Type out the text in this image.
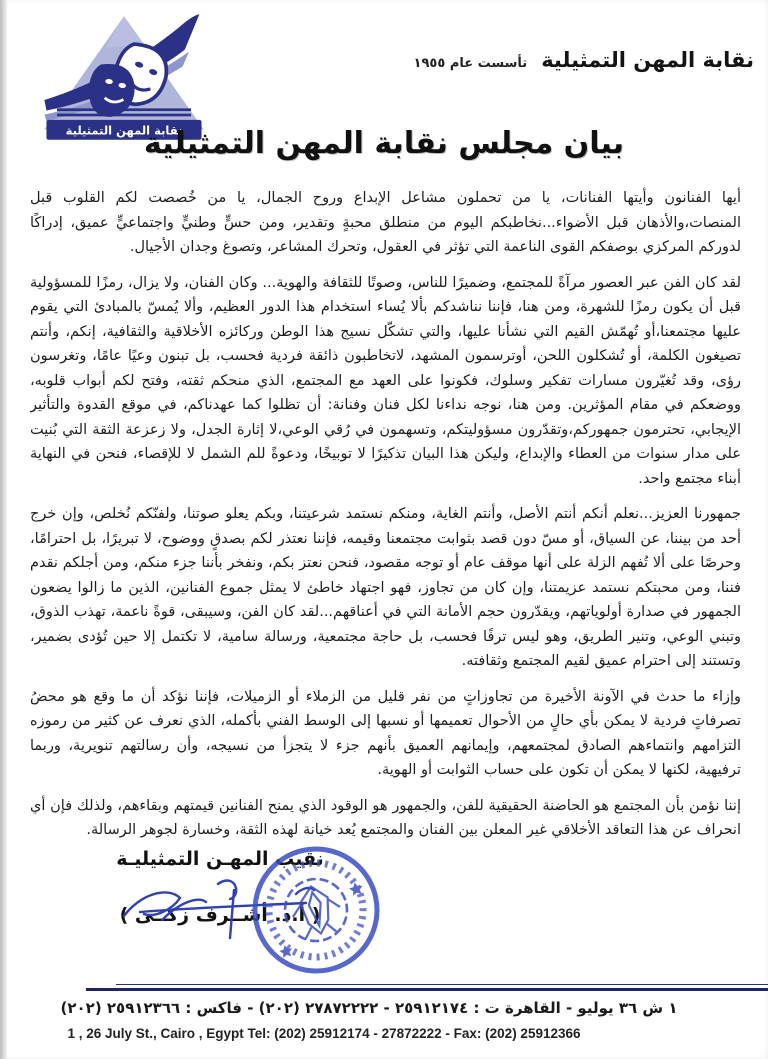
نقابة المهن التمثيلية
نقابة المهن التمثيلية
تأسست عام ١٩٥٥
بيان مجلس نقابة المهن التمثيلية

أيها الفنانون وأيتها الفنانات، يا من تحملون مشاعل الإبداع وروح الجمال، يا من خُصصت لكم القلوب قبل المنصات،والأذهان قبل الأضواء...نخاطبكم اليوم من منطلق محبةٍ وتقدير، ومن حسٍّ وطنيٍّ واجتماعيٍّ عميق، إدراكًا لدوركم المركزي بوصفكم القوى الناعمة التي تؤثر في العقول، وتحرك المشاعر، وتصوغ وجدان الأجيال.

لقد كان الفن عبر العصور مرآةً للمجتمع، وضميرًا للناس، وصوتًا للثقافة والهوية... وكان الفنان، ولا يزال، رمزًا للمسؤولية قبل أن يكون رمزًا للشهرة، ومن هنا، فإننا نناشدكم بألا يُساء استخدام هذا الدور العظيم، وألا يُمسّ بالمبادئ التي يقوم عليها مجتمعنا،أو تُهمّش القيم التي نشأنا عليها، والتي تشكّل نسيج هذا الوطن وركائزه الأخلاقية والثقافية، إنكم، وأنتم تصيغون الكلمة، أو تُشكلون اللحن، أوترسمون المشهد، لاتخاطبون ذائقة فردية فحسب، بل تبنون وعيًا عامًا، وتغرسون رؤى، وقد تُغيّرون مسارات تفكير وسلوك، فكونوا على العهد مع المجتمع، الذي منحكم ثقته، وفتح لكم أبواب قلوبه، ووضعكم في مقام المؤثرين. ومن هنا، نوجه نداءنا لكل فنان وفنانة: أن تظلوا كما عهدناكم، في موقع القدوة والتأثير الإيجابي، تحترمون جمهوركم،وتقدّرون مسؤوليتكم، وتسهمون في رُقي الوعي،لا إثارة الجدل، ولا زعزعة الثقة التي بُنيت على مدار سنوات من العطاء والإبداع، وليكن هذا البيان تذكيرًا لا توبيخًا، ودعوةً للم الشمل لا للإقصاء، فنحن في النهاية أبناء مجتمع واحد.

جمهورنا العزيز...نعلم أنكم أنتم الأصل، وأنتم الغاية، ومنكم نستمد شرعيتنا، وبكم يعلو صوتنا، ولفنّكم نُخلص، وإن خرج أحد من بيننا، عن السياق، أو مسّ دون قصد بثوابت مجتمعنا وقيمه، فإننا نعتذر لكم بصدقٍ ووضوح، لا تبريرًا، بل احترامًا، وحرصًا على ألا تُفهم الزلة على أنها موقف عام أو توجه مقصود، فنحن نعتز بكم، ونفخر بأننا جزء منكم، ومن أجلكم نقدم فننا، ومن محبتكم نستمد عزيمتنا، وإن كان من تجاوز، فهو اجتهاد خاطئ لا يمثل جموع الفنانين، الذين ما زالوا يضعون الجمهور في صدارة أولوياتهم، ويقدّرون حجم الأمانة التي في أعناقهم...لقد كان الفن، وسيبقى، قوةً ناعمة، تهذب الذوق، وتبني الوعي، وتنير الطريق، وهو ليس ترفًا فحسب، بل حاجة مجتمعية، ورسالة سامية، لا تكتمل إلا حين تُؤدى بضمير، وتستند إلى احترام عميق لقيم المجتمع وثقافته.

وإزاء ما حدث في الآونة الأخيرة من تجاوزاتٍ من نفر قليل من الزملاء أو الزميلات، فإننا نؤكد أن ما وقع هو محضُ تصرفاتٍ فردية لا يمكن بأي حالٍ من الأحوال تعميمها أو نسبها إلى الوسط الفني بأكمله، الذي نعرف عن كثير من رموزه التزامهم وانتماءهم الصادق لمجتمعهم، وإيمانهم العميق بأنهم جزء لا يتجزأ من نسيجه، وأن رسالتهم تنويرية، وربما ترفيهية، لكنها لا يمكن أن تكون على حساب الثوابت أو الهوية.

إننا نؤمن بأن المجتمع هو الحاضنة الحقيقية للفن، والجمهور هو الوقود الذي يمنح الفنانين قيمتهم وبقاءهم، ولذلك فإن أي انحراف عن هذا التعاقد الأخلاقي غير المعلن بين الفنان والمجتمع يُعد خيانة لهذه الثقة، وخسارة لجوهر الرسالة.

نقيب المهـن التمثيليـة
( أ.د. أشــرف زكــى )
١ ش ٣٦ يوليو - القاهرة ت : ٢٥٩١٢١٧٤ - ٢٧٨٧٢٢٢٢ (٢٠٢) - فاكس : ٢٥٩١٢٣٦٦ (٢٠٢)
1 , 26 July St., Cairo , Egypt Tel: (202) 25912174 - 27872222 - Fax: (202) 25912366
